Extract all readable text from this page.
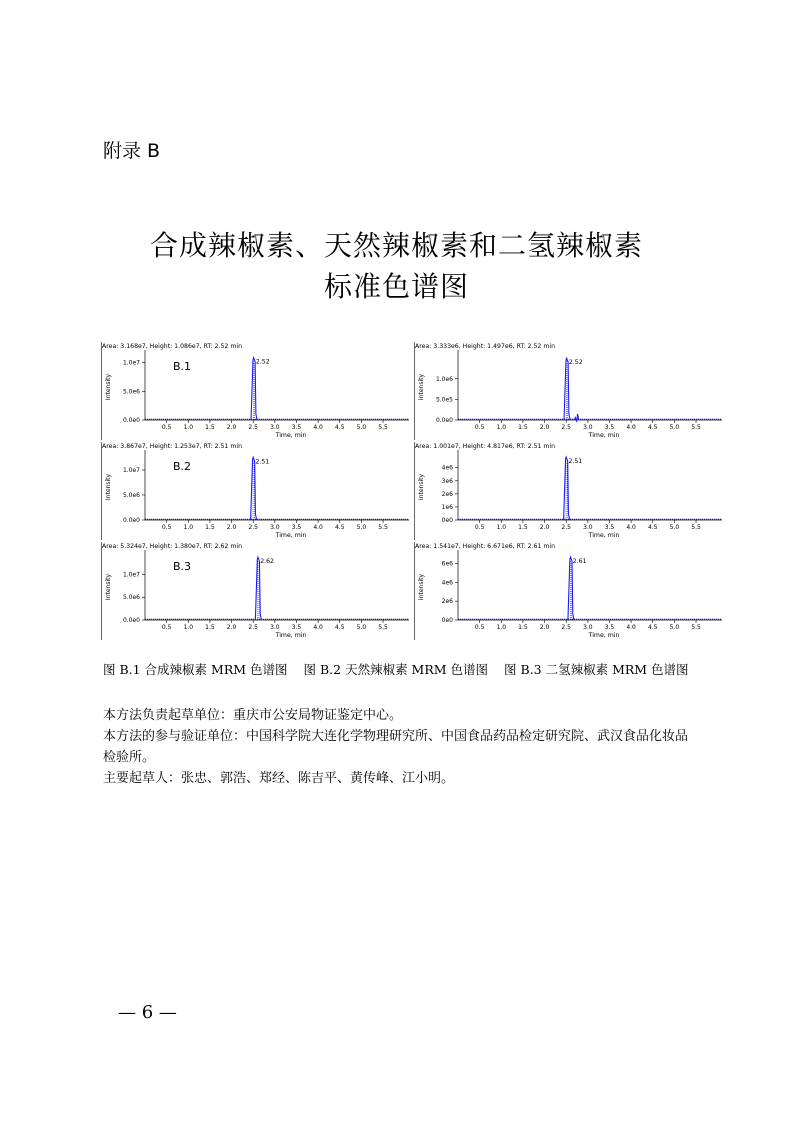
附录 B
合成辣椒素、天然辣椒素和二氢辣椒素
标准色谱图
Area: 3.168e7, Height: 1.086e7, RT: 2.52 min
0.0e0
5.0e6
1.0e7
0.5 1.0 1.5 2.0 2.5 3.0 3.5 4.0 4.5 5.0 5.5
Time, min
Intensity
B.1	2.52
Area: 3.333e6, Height: 1.497e6, RT: 2.52 min
0.0e0
5.0e5
1.0e6
0.5 1.0 1.5 2.0 2.5 3.0 3.5 4.0 4.5 5.0 5.5
Time, min
Intensity
2.52
Area: 3.867e7, Height: 1.253e7, RT: 2.51 min
0.0e0
5.0e6
1.0e7
0.5 1.0 1.5 2.0 2.5 3.0 3.5 4.0 4.5 5.0 5.5
Time, min
Intensity
B.2	2.51
Area: 1.001e7, Height: 4.817e6, RT: 2.51 min
0e0
1e6
2e6
3e6
4e6
0.5 1.0 1.5 2.0 2.5 3.0 3.5 4.0 4.5 5.0 5.5
Time, min
Intensity
2.51
Area: 5.324e7, Height: 1.380e7, RT: 2.62 min
0.0e0
5.0e6
1.0e7
0.5 1.0 1.5 2.0 2.5 3.0 3.5 4.0 4.5 5.0 5.5
Time, min
Intensity
B.3	2.62
Area: 1.541e7, Height: 6.671e6, RT: 2.61 min
0e0
2e6
4e6
6e6
0.5 1.0 1.5 2.0 2.5 3.0 3.5 4.0 4.5 5.0 5.5
Time, min
Intensity
2.61
图 B.1 合成辣椒素 MRM 色谱图 图 B.2 天然辣椒素 MRM 色谱图 图 B.3 二氢辣椒素 MRM 色谱图

本方法负责起草单位：重庆市公安局物证鉴定中心。

本方法的参与验证单位：中国科学院大连化学物理研究所、中国食品药品检定研究院、武汉食品化妆品检验所。

主要起草人：张忠、郭浩、郑经、陈吉平、黄传峰、江小明。

— 6 —
